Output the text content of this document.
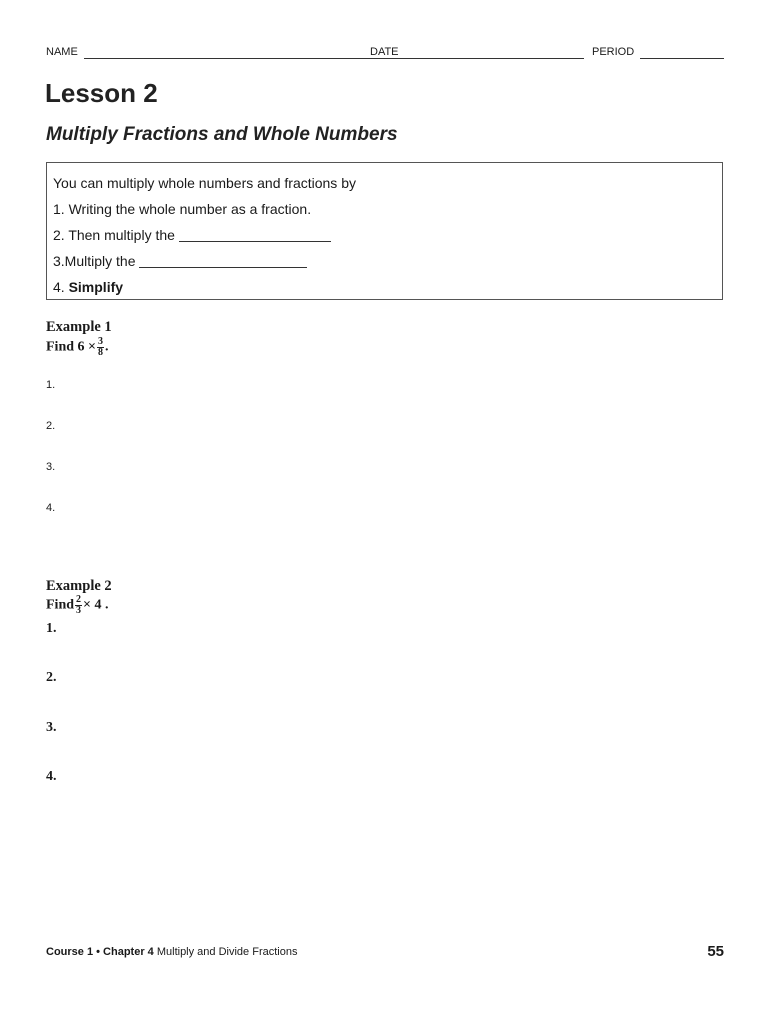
NAME	DATE	PERIOD
Lesson 2
Multiply Fractions and Whole Numbers
You can multiply whole numbers and fractions by
1. Writing the whole number as a fraction.
2. Then multiply the
3.Multiply the
4. Simplify
Example 1
Find $6 \times \frac{3}{8}$ .
1.
2.
3.
4.
Example 2
Find $\frac{2}{3} \times 4$ .
1.
2.
3.
4.
Course 1 • Chapter 4 Multiply and Divide Fractions	55
